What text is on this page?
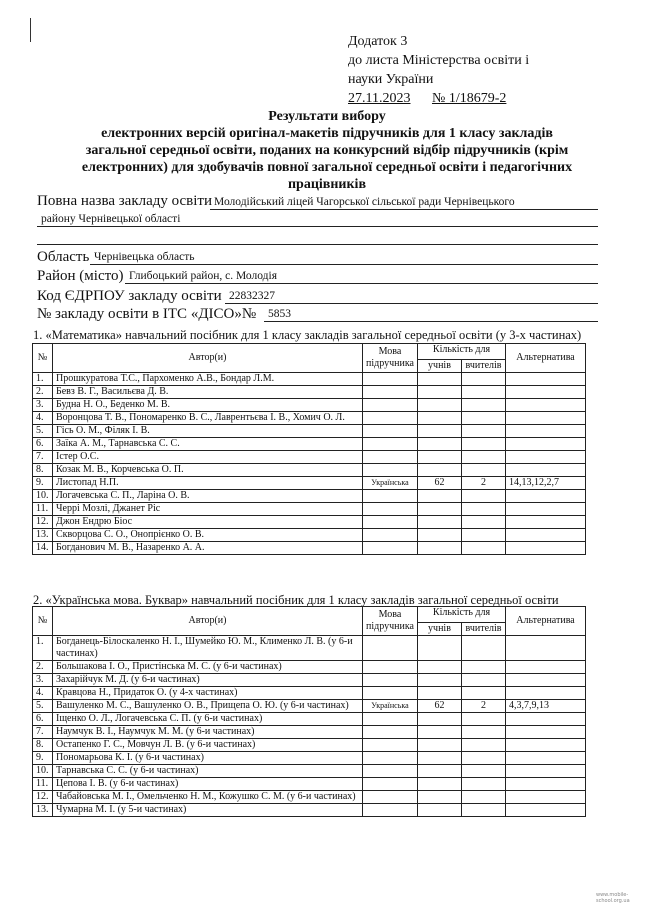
Додаток 3
до листа Міністерства освіти і
науки України
27.11.2023 № 1/18679-2
Результати вибору
електронних версій оригінал-макетів підручників для 1 класу закладів
загальної середньої освіти, поданих на конкурсний відбір підручників (крім
електронних) для здобувачів повної загальної середньої освіти і педагогічних
працівників
Повна назва закладу освіти Молодійський ліцей Чагорської сільської ради Чернівецького
району Чернівецької області
Область Чернівецька область
Район (місто) Глибоцький район, с. Молодія
Код ЄДРПОУ закладу освіти 22832327
№ закладу освіти в ІТС «ДІСО»№	5853
1. «Математика» навчальний посібник для 1 класу закладів загальної середньої освіти (у 3-х частинах)
№	Автор(и)	Мова підручника	Кількість для		Альтернатива
			учнів	вчителів	
1.	Прошкуратова Т.С., Пархоменко А.В., Бондар Л.М.				
2.	Бевз В. Г., Васильєва Д. В.				
3.	Будна Н. О., Беденко М. В.				
4.	Воронцова Т. В., Пономаренко В. С., Лаврентьєва І. В., Хомич О. Л.				
5.	Гісь О. М., Філяк І. В.				
6.	Заїка А. М., Тарнавська С. С.				
7.	Істер О.С.				
8.	Козак М. В., Корчевська О. П.				
9.	Листопад Н.П.	Українська	62	2	14,13,12,2,7
10.	Логачевська С. П., Ларіна О. В.				
11.	Черрі Мозлі, Джанет Ріс				
12.	Джон Ендрю Біос				
13.	Скворцова С. О., Онопрієнко О. В.				
14.	Богданович М. В., Назаренко А. А.				
2. «Українська мова. Буквар» навчальний посібник для 1 класу закладів загальної середньої освіти
№	Автор(и)	Мова підручника	Кількість для		Альтернатива
			учнів	вчителів	
1.	Богданець-Білоскаленко Н. І., Шумейко Ю. М., Клименко Л. В. (у 6-и частинах)				
2.	Большакова І. О., Пристінська М. С. (у 6-и частинах)				
3.	Захарійчук М. Д. (у 6-и частинах)				
4.	Кравцова Н., Придаток О. (у 4-х частинах)				
5.	Вашуленко М. С., Вашуленко О. В., Прищепа О. Ю. (у 6-и частинах)	Українська	62	2	4,3,7,9,13
6.	Іщенко О. Л., Логачевська С. П. (у 6-и частинах)				
7.	Наумчук В. І., Наумчук М. М. (у 6-и частинах)				
8.	Остапенко Г. С., Мовчун Л. В. (у 6-и частинах)				
9.	Пономарьова К. І. (у 6-и частинах)				
10.	Тарнавська С. С. (у 6-и частинах)				
11.	Цепова І. В. (у 6-и частинах)				
12.	Чабайовська М. І., Омельченко Н. М., Кожушко С. М. (у 6-и частинах)				
13.	Чумарна М. І. (у 5-и частинах)				
www.mobile-school.org.ua
